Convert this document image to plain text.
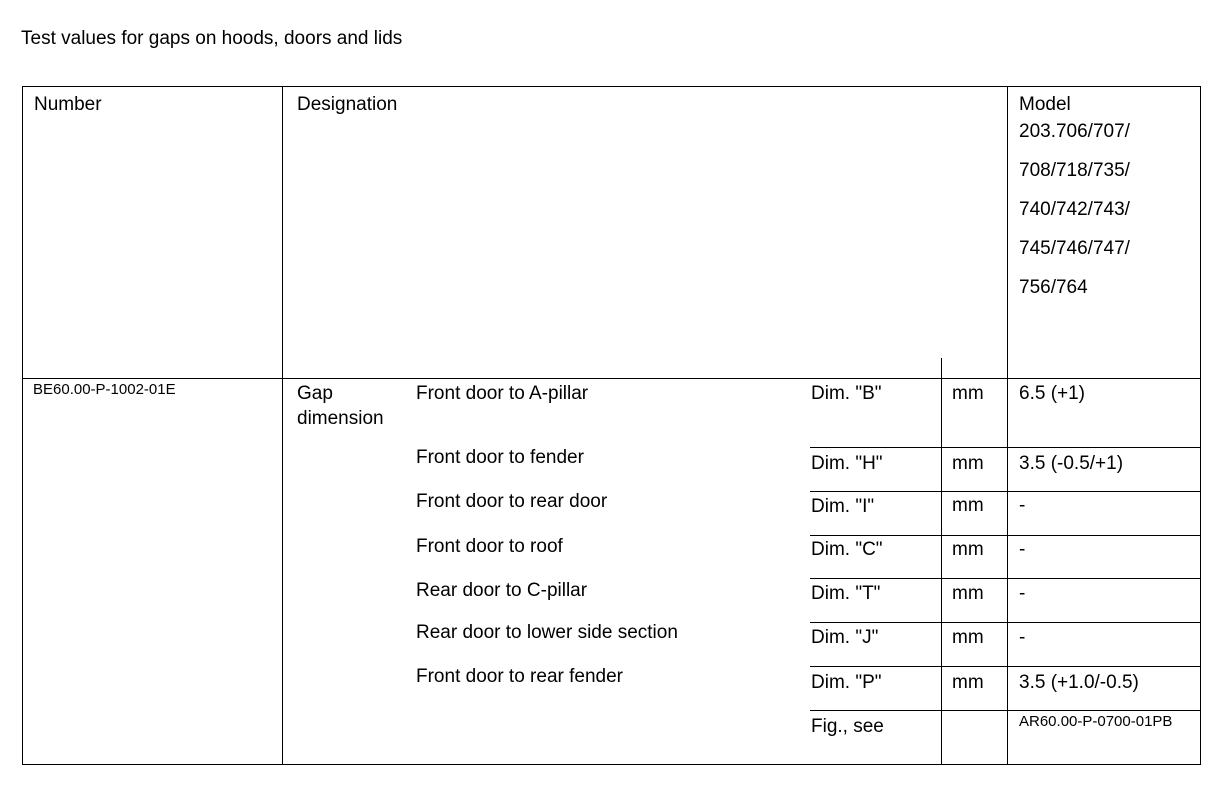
Test values for gaps on hoods, doors and lids
Number	Designation	Model
203.706/707/
708/718/735/
740/742/743/
745/746/747/
756/764
BE60.00-P-1002-01E	Gap
dimension
Front door to A-pillar	Dim. "B"	mm 6.5 (+1)
Front door to fender	Dim. "H"	mm 3.5 (-0.5/+1)
Front door to rear door	Dim. "I"	mm -
Front door to roof	Dim. "C"	mm -
Rear door to C-pillar	Dim. "T"	mm -
Rear door to lower side section	Dim. "J"	mm -
Front door to rear fender	Dim. "P"	mm 3.5 (+1.0/-0.5)
Fig., see	AR60.00-P-0700-01PB
